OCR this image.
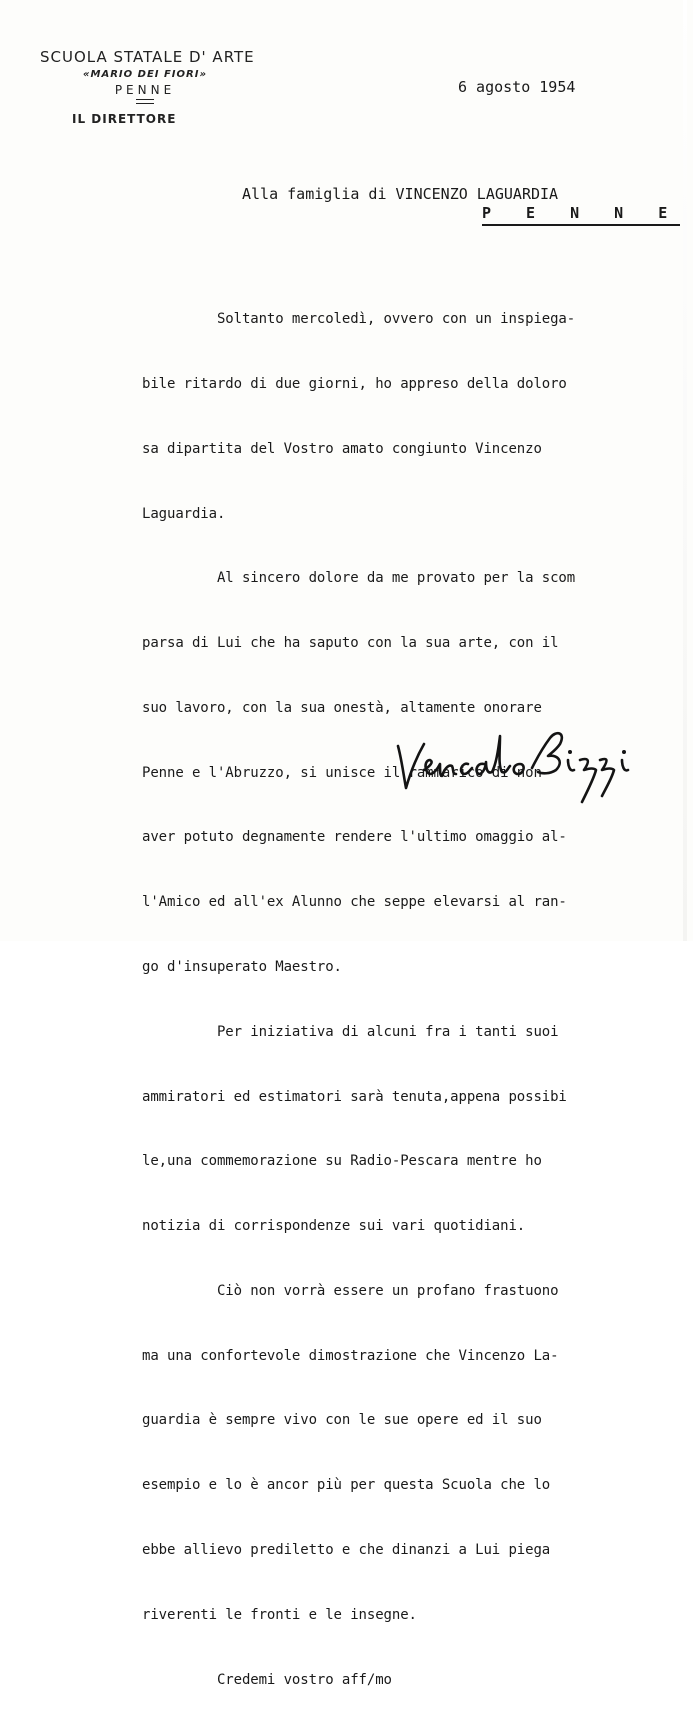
SCUOLA STATALE D' ARTE
«MARIO DEI FIORI»
PENNE
IL DIRETTORE
6 agosto 1954
Alla famiglia di VINCENZO LAGUARDIA
P E N N E

Soltanto mercoledì, ovvero con un inspiega-

bile ritardo di due giorni, ho appreso della doloro

sa dipartita del Vostro amato congiunto Vincenzo

Laguardia.

Al sincero dolore da me provato per la scom

parsa di Lui che ha saputo con la sua arte, con il

suo lavoro, con la sua onestà, altamente onorare

Penne e l'Abruzzo, si unisce il rammarico di non

aver potuto degnamente rendere l'ultimo omaggio al-

l'Amico ed all'ex Alunno che seppe elevarsi al ran-

go d'insuperato Maestro.

Per iniziativa di alcuni fra i tanti suoi

ammiratori ed estimatori sarà tenuta,appena possibi

le,una commemorazione su Radio-Pescara mentre ho

notizia di corrispondenze sui vari quotidiani.

Ciò non vorrà essere un profano frastuono

ma una confortevole dimostrazione che Vincenzo La-

guardia è sempre vivo con le sue opere ed il suo

esempio e lo è ancor più per questa Scuola che lo

ebbe allievo prediletto e che dinanzi a Lui piega

riverenti le fronti e le insegne.

Credemi vostro aff/mo
